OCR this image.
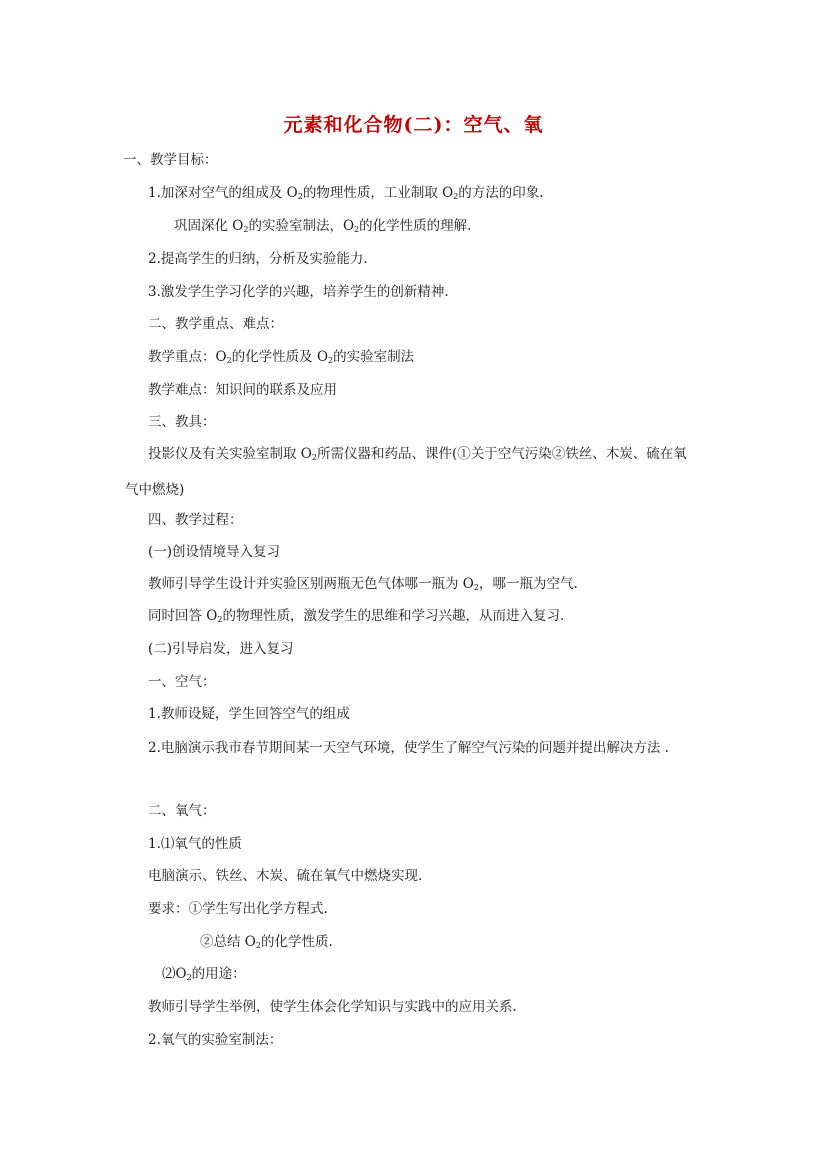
元素和化合物(二)：空气、氧
一、教学目标：
1.加深对空气的组成及 $O_2$的物理性质，工业制取 $O_2$的方法的印象.
巩固深化 $O_2$的实验室制法，$O_2$的化学性质的理解.
2.提高学生的归纳，分析及实验能力.
3.激发学生学习化学的兴趣，培养学生的创新精神.
二、教学重点、难点：
教学重点：$O_2$的化学性质及 $O_2$的实验室制法
教学难点：知识间的联系及应用
三、教具：
投影仪及有关实验室制取 $O_2$所需仪器和药品、课件(①关于空气污染②铁丝、木炭、硫在氧气中燃烧)
四、教学过程：
(一)创设情境导入复习
教师引导学生设计并实验区别两瓶无色气体哪一瓶为 $O_2$，哪一瓶为空气.
同时回答 $O_2$的物理性质，激发学生的思维和学习兴趣，从而进入复习.
(二)引导启发，进入复习
一、空气：
1.教师设疑，学生回答空气的组成
2.电脑演示我市春节期间某一天空气环境，使学生了解空气污染的问题并提出解决方法 .
二、氧气：
1.⑴氧气的性质
电脑演示、铁丝、木炭、硫在氧气中燃烧实现.
要求：①学生写出化学方程式.
②总结 $O_2$的化学性质.
$⑵O_2$的用途：
教师引导学生举例，使学生体会化学知识与实践中的应用关系.
2.氧气的实验室制法：
